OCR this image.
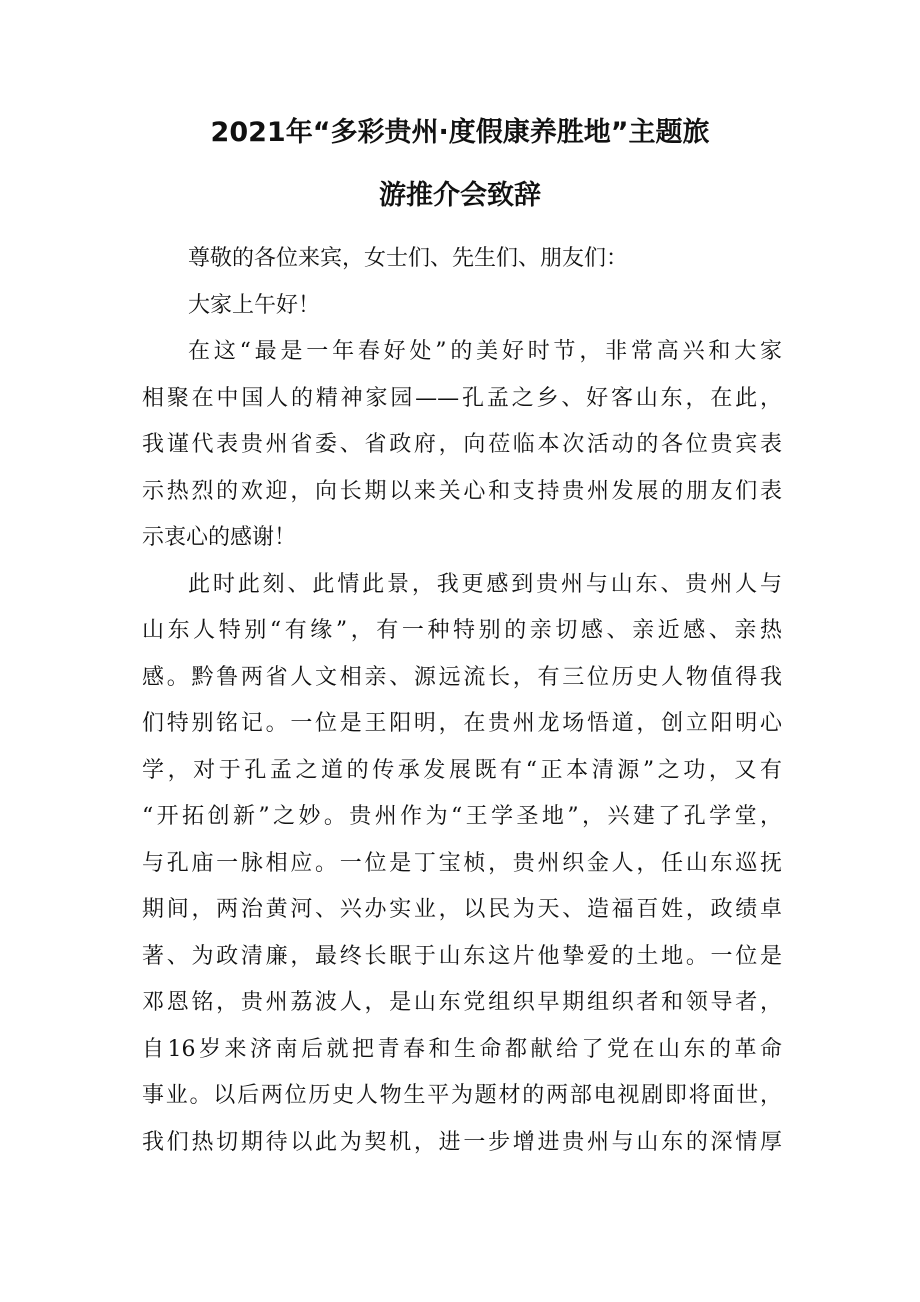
2021年“多彩贵州·度假康养胜地”主题旅
游推介会致辞
尊敬的各位来宾，女士们、先生们、朋友们：
大家上午好！
在这“最是一年春好处”的美好时节，非常高兴和大家
相聚在中国人的精神家园——孔孟之乡、好客山东，在此，
我谨代表贵州省委、省政府，向莅临本次活动的各位贵宾表
示热烈的欢迎，向长期以来关心和支持贵州发展的朋友们表
示衷心的感谢！
此时此刻、此情此景，我更感到贵州与山东、贵州人与
山东人特别“有缘”，有一种特别的亲切感、亲近感、亲热
感。黔鲁两省人文相亲、源远流长，有三位历史人物值得我
们特别铭记。一位是王阳明，在贵州龙场悟道，创立阳明心
学，对于孔孟之道的传承发展既有“正本清源”之功，又有
“开拓创新”之妙。贵州作为“王学圣地”，兴建了孔学堂，
与孔庙一脉相应。一位是丁宝桢，贵州织金人，任山东巡抚
期间，两治黄河、兴办实业，以民为天、造福百姓，政绩卓
著、为政清廉，最终长眠于山东这片他挚爱的土地。一位是
邓恩铭，贵州荔波人，是山东党组织早期组织者和领导者，
自16岁来济南后就把青春和生命都献给了党在山东的革命
事业。以后两位历史人物生平为题材的两部电视剧即将面世，
我们热切期待以此为契机，进一步增进贵州与山东的深情厚
